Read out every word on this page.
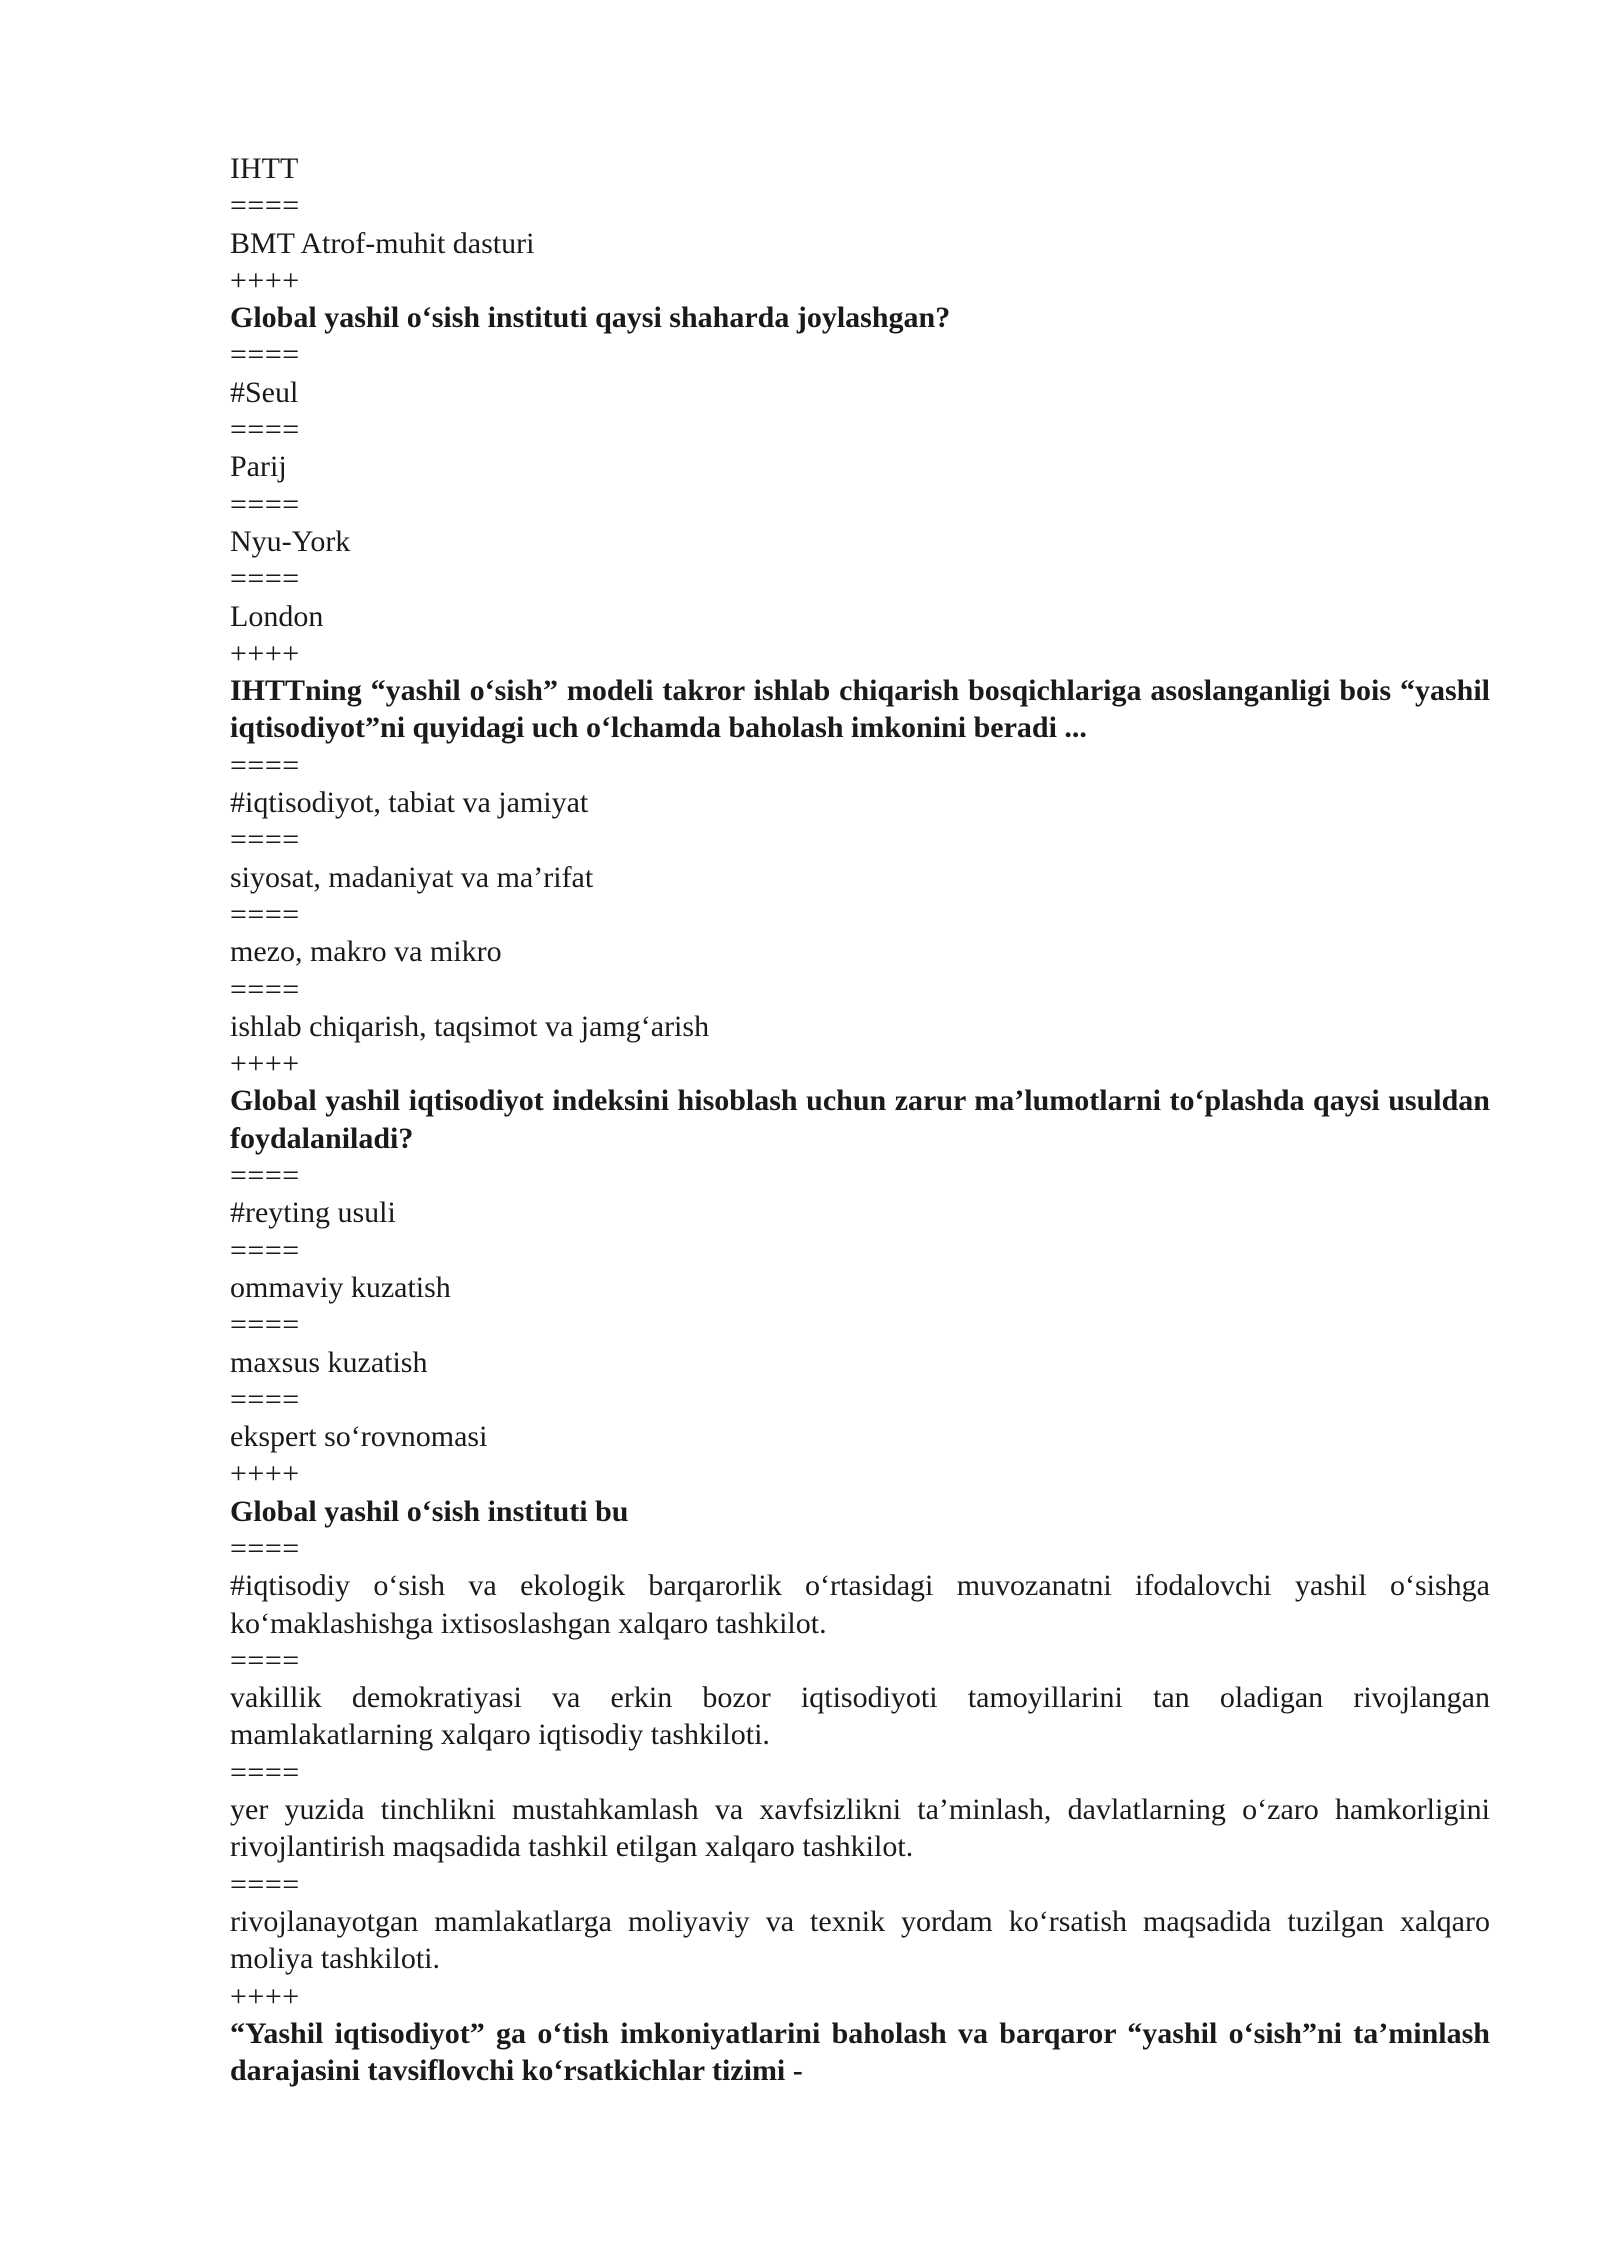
IHTT
====
BMT Atrof-muhit dasturi
++++
Global yashil o‘sish instituti qaysi shaharda joylashgan?
====
#Seul
====
Parij
====
Nyu-York
====
London
++++
IHTTning “yashil o‘sish” modeli takror ishlab chiqarish bosqichlariga asoslanganligi bois “yashil iqtisodiyot”ni quyidagi uch o‘lchamda baholash imkonini beradi ...
====
#iqtisodiyot, tabiat va jamiyat
====
siyosat, madaniyat va ma’rifat
====
mezo, makro va mikro
====
ishlab chiqarish, taqsimot va jamg‘arish
++++
Global yashil iqtisodiyot indeksini hisoblash uchun zarur ma’lumotlarni to‘plashda qaysi usuldan foydalaniladi?
====
#reyting usuli
====
ommaviy kuzatish
====
maxsus kuzatish
====
ekspert so‘rovnomasi
++++
Global yashil o‘sish instituti bu
====
#iqtisodiy o‘sish va ekologik barqarorlik o‘rtasidagi muvozanatni ifodalovchi yashil o‘sishga ko‘maklashishga ixtisoslashgan xalqaro tashkilot.
====
vakillik demokratiyasi va erkin bozor iqtisodiyoti tamoyillarini tan oladigan rivojlangan mamlakatlarning xalqaro iqtisodiy tashkiloti.
====
yer yuzida tinchlikni mustahkamlash va xavfsizlikni ta’minlash, davlatlarning o‘zaro hamkorligini rivojlantirish maqsadida tashkil etilgan xalqaro tashkilot.
====
rivojlanayotgan mamlakatlarga moliyaviy va texnik yordam ko‘rsatish maqsadida tuzilgan xalqaro moliya tashkiloti.
++++
“Yashil iqtisodiyot” ga o‘tish imkoniyatlarini baholash va barqaror “yashil o‘sish”ni ta’minlash darajasini tavsiflovchi ko‘rsatkichlar tizimi -
